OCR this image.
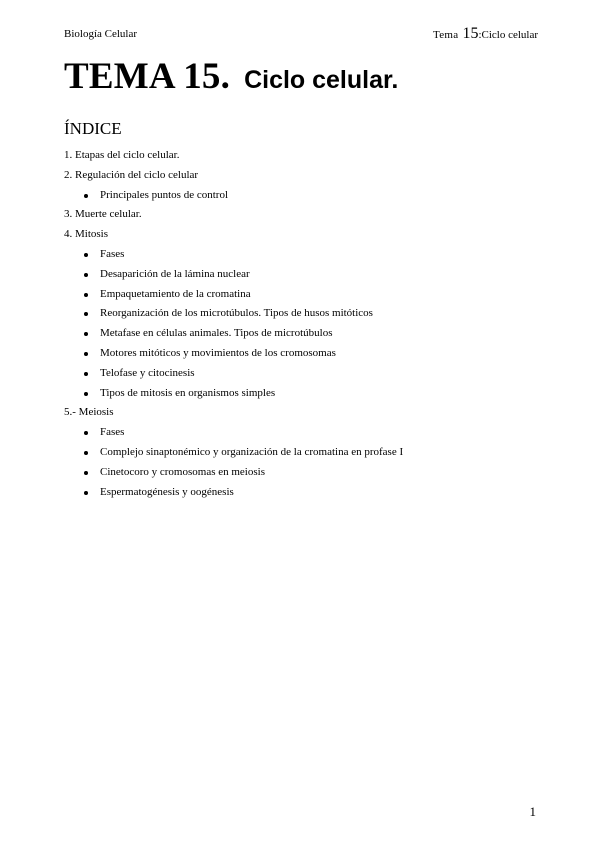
Biología Celular	Tema 15 :Ciclo celular
TEMA 15. Ciclo celular.
ÍNDICE
1. Etapas del ciclo celular.
2. Regulación del ciclo celular
Principales puntos de control
3. Muerte celular.
4. Mitosis
Fases
Desaparición de la lámina nuclear
Empaquetamiento de la cromatina
Reorganización de los microtúbulos. Tipos de husos mitóticos
Metafase en células animales. Tipos de microtúbulos
Motores mitóticos y movimientos de los cromosomas
Telofase y citocinesis
Tipos de mitosis en organismos simples
5.- Meiosis
Fases
Complejo sinaptonémico y organización de la cromatina en profase I
Cinetocoro y cromosomas en meiosis
Espermatogénesis y oogénesis
1
